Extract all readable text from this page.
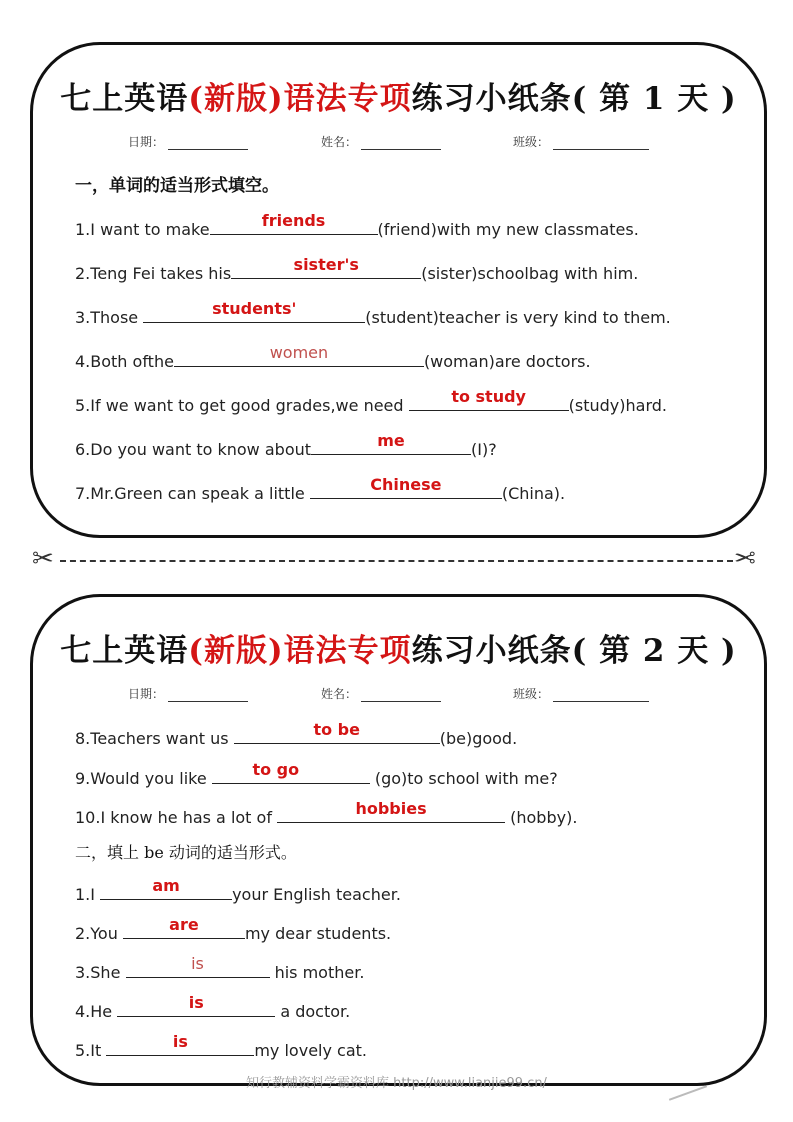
七上英语(新版)语法专项练习小纸条( 第 1 天 )
日期：	姓名：	班级：
一，单词的适当形式填空。
1.I want to make	friends	(friend)with my new classmates.
2.Teng Fei takes his	sister's	(sister)schoolbag with him.
3.Those	students'	(student)teacher is very kind to them.
4.Both ofthe	women	(woman)are doctors.
5.If we want to get good grades,we need	to study	(study)hard.
6.Do you want to know about	me	(I)?
7.Mr.Green can speak a little	Chinese	(China).
✂	✂
七上英语(新版)语法专项练习小纸条( 第 2 天 )
日期：	姓名：	班级：
8.Teachers want us	to be	(be)good.
9.Would you like	to go	(go)to school with me?
10.I know he has a lot of	hobbies	(hobby).
二，填上 be 动词的适当形式。
1.I	am	your English teacher.
2.You	are	my dear students.
3.She	is	his mother.
4.He	is	a doctor.
5.It	is	my lovely cat.
知行教辅资料学霸资料库 http://www.lianjie99.cn/
